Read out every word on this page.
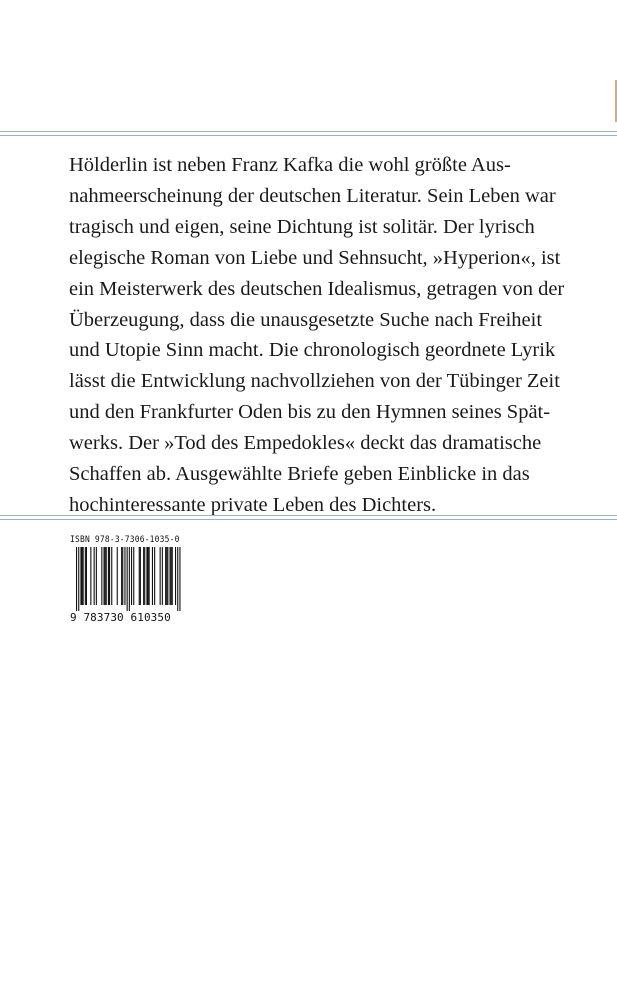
Hölderlin ist neben Franz Kafka die wohl größte Aus-
nahmeerscheinung der deutschen Literatur. Sein Leben war
tragisch und eigen, seine Dichtung ist solitär. Der lyrisch
elegische Roman von Liebe und Sehnsucht, »Hyperion«, ist
ein Meisterwerk des deutschen Idealismus, getragen von der
Überzeugung, dass die unausgesetzte Suche nach Freiheit
und Utopie Sinn macht. Die chronologisch geordnete Lyrik
lässt die Entwicklung nachvollziehen von der Tübinger Zeit
und den Frankfurter Oden bis zu den Hymnen seines Spät-
werks. Der »Tod des Empedokles« deckt das dramatische
Schaffen ab. Ausgewählte Briefe geben Einblicke in das
hochinteressante private Leben des Dichters.

ISBN 978-3-7306-1035-0
9 783730 610350
